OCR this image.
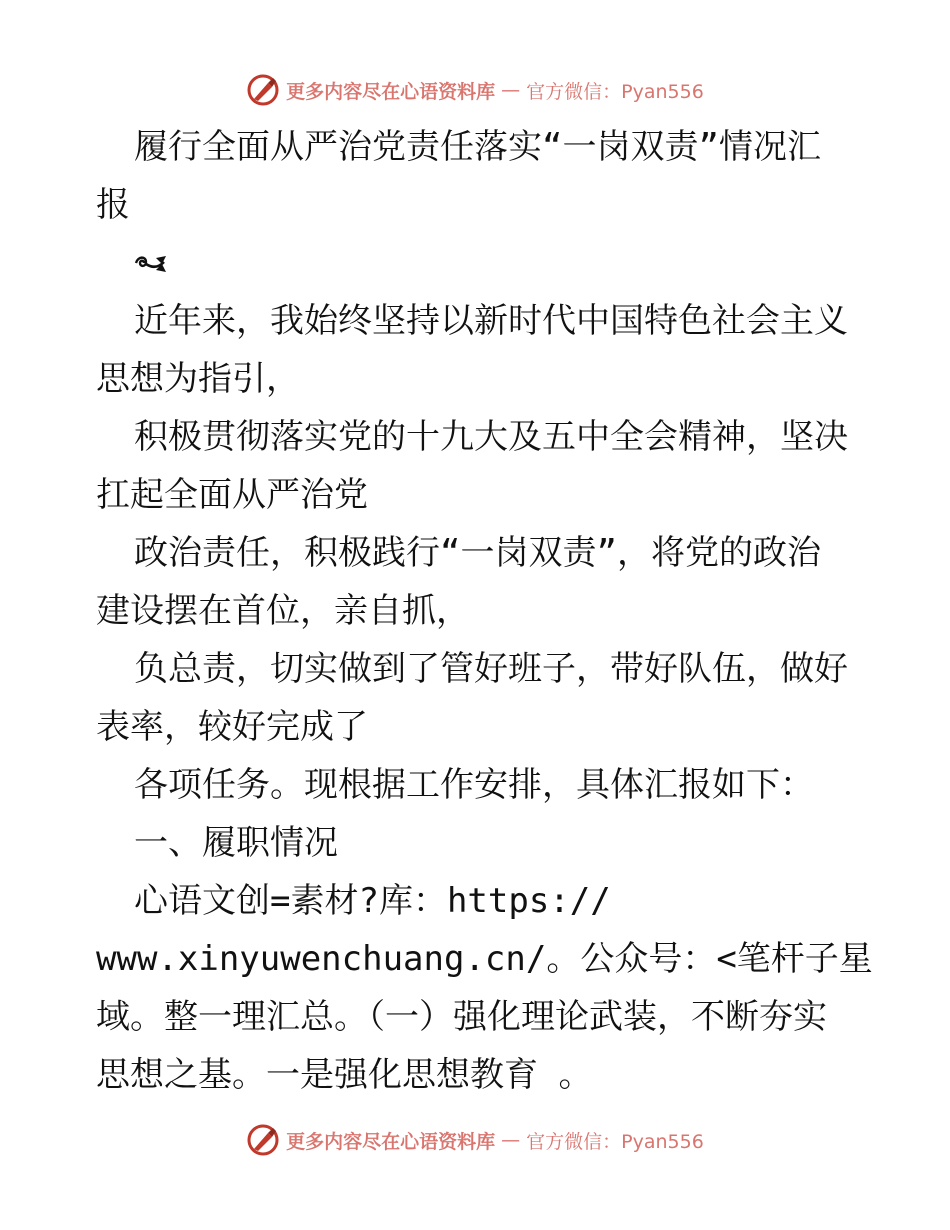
更多内容尽在心语资料库 — 官方微信：Pyan556
履行全面从严治党责任落实“一岗双责”情况汇
报
近年来，我始终坚持以新时代中国特色社会主义
思想为指引，
积极贯彻落实党的十九大及五中全会精神，坚决
扛起全面从严治党
政治责任，积极践行“一岗双责”，将党的政治
建设摆在首位，亲自抓，
负总责，切实做到了管好班子，带好队伍，做好
表率，较好完成了
各项任务。现根据工作安排，具体汇报如下：
一、履职情况
心语文创=素材?库：https://
www.xinyuwenchuang.cn/。公众号：<笔杆子星
域。整一理汇总。（一）强化理论武装，不断夯实
思想之基。一是强化思想教育 。
更多内容尽在心语资料库 — 官方微信：Pyan556
